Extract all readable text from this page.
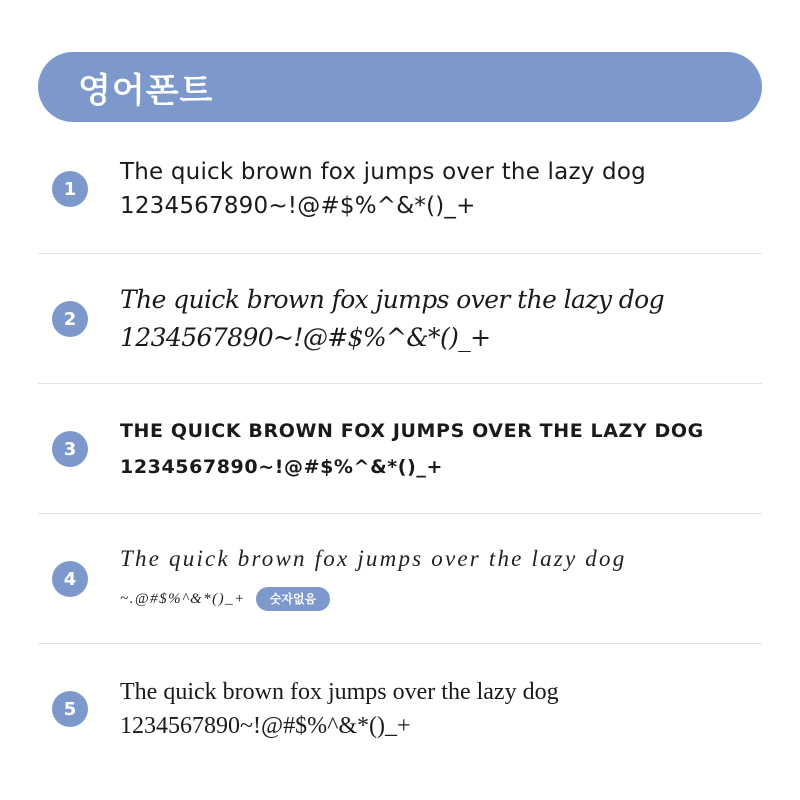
영어폰트
1
The quick brown fox jumps over the lazy dog
1234567890~!@#$%^&*()_+
2
The quick brown fox jumps over the lazy dog
1234567890~!@#$%^&*()_+
3
THE QUICK BROWN FOX JUMPS OVER THE LAZY DOG
1234567890~!@#$%^&*()_+
4
The quick brown fox jumps over the lazy dog
~.@#$%^&*()_+	숫자없음
5
The quick brown fox jumps over the lazy dog
1234567890~!@#$%^&*()_+
